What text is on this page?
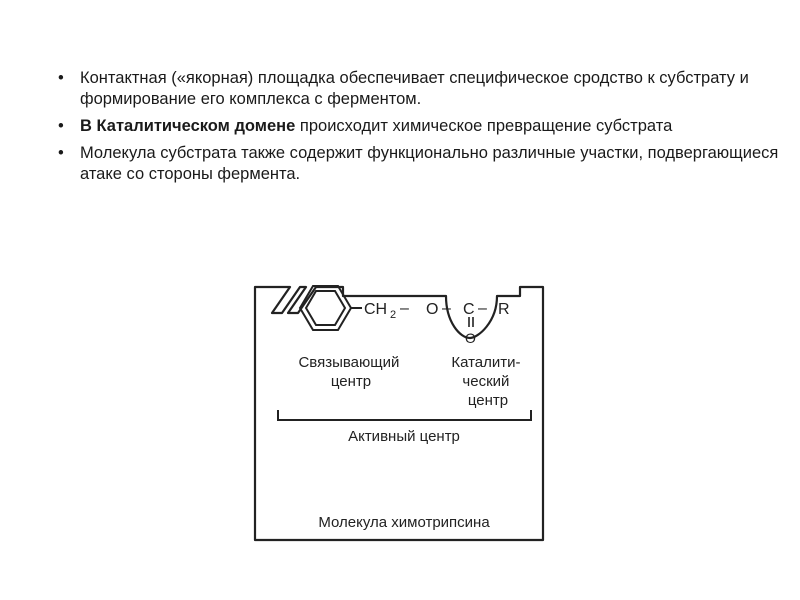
• Контактная («якорная) площадка обеспечивает специфическое сродство к субстрату и формирование его комплекса с ферментом.
• В Каталитическом домене происходит химическое превращение субстрата
• Молекула субстрата также содержит функционально различные участки, подвергающиеся атаке со стороны фермента.
CH 2 – O – C – R
O
Связывающий центр
Каталити- ческий центр
Активный центр
Молекула химотрипсина
